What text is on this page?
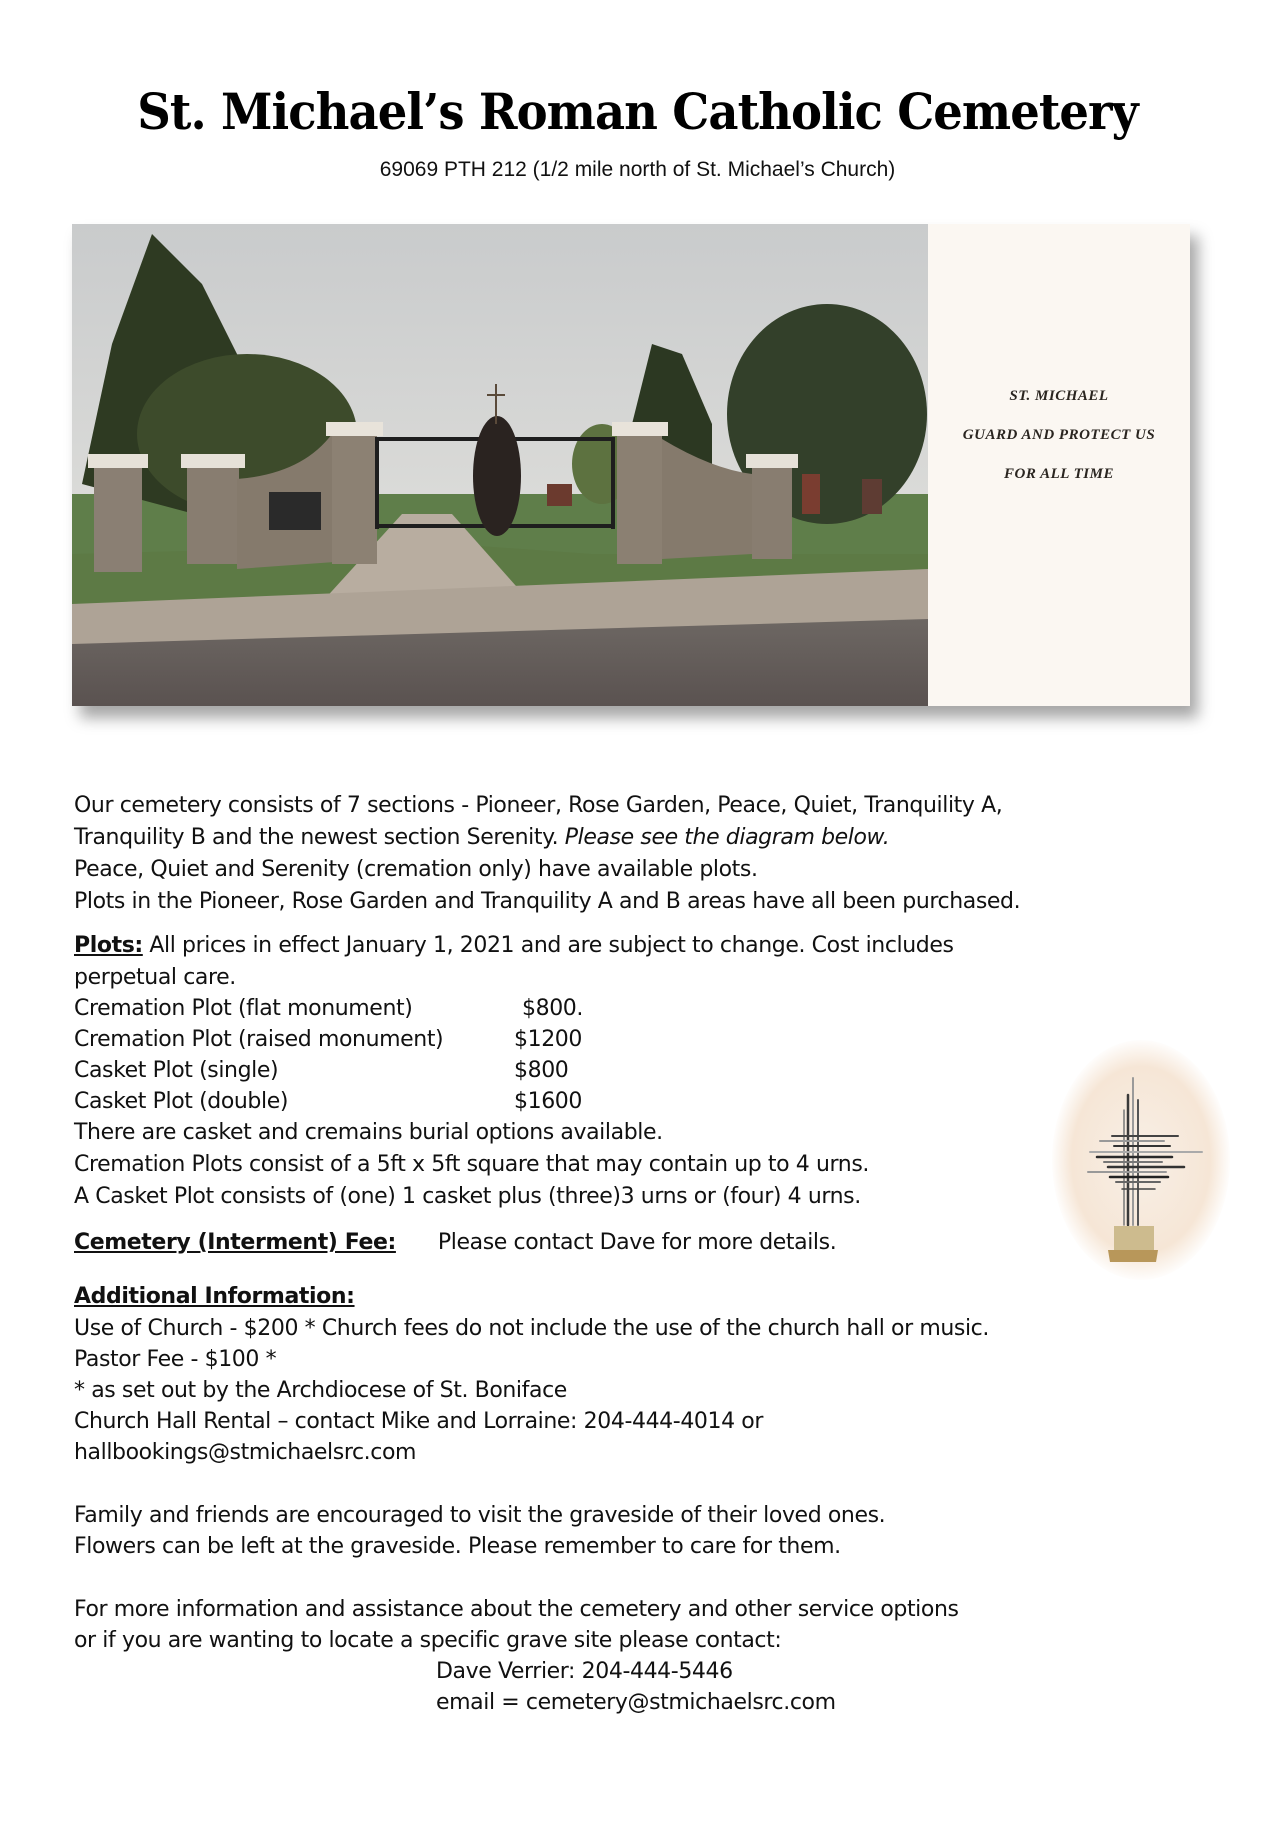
St. Michael’s Roman Catholic Cemetery
69069 PTH 212 (1/2 mile north of St. Michael’s Church)
ST. MICHAEL
GUARD AND PROTECT US
FOR ALL TIME
Our cemetery consists of 7 sections - Pioneer, Rose Garden, Peace, Quiet, Tranquility A,
Tranquility B and the newest section Serenity. Please see the diagram below.
Peace, Quiet and Serenity (cremation only) have available plots.
Plots in the Pioneer, Rose Garden and Tranquility A and B areas have all been purchased.
Plots: All prices in effect January 1, 2021 and are subject to change. Cost includes
perpetual care.
Cremation Plot (flat monument)	$800.
Cremation Plot (raised monument)	$1200
Casket Plot (single)	$800
Casket Plot (double)	$1600
There are casket and cremains burial options available.
Cremation Plots consist of a 5ft x 5ft square that may contain up to 4 urns.
A Casket Plot consists of (one) 1 casket plus (three)3 urns or (four) 4 urns.
Cemetery (Interment) Fee: Please contact Dave for more details.
Additional Information:
Use of Church - $200 * Church fees do not include the use of the church hall or music.
Pastor Fee - $100 *
* as set out by the Archdiocese of St. Boniface
Church Hall Rental – contact Mike and Lorraine: 204-444-4014 or
hallbookings@stmichaelsrc.com
Family and friends are encouraged to visit the graveside of their loved ones.
Flowers can be left at the graveside. Please remember to care for them.
For more information and assistance about the cemetery and other service options
or if you are wanting to locate a specific grave site please contact:
Dave Verrier: 204-444-5446
email = cemetery@stmichaelsrc.com
